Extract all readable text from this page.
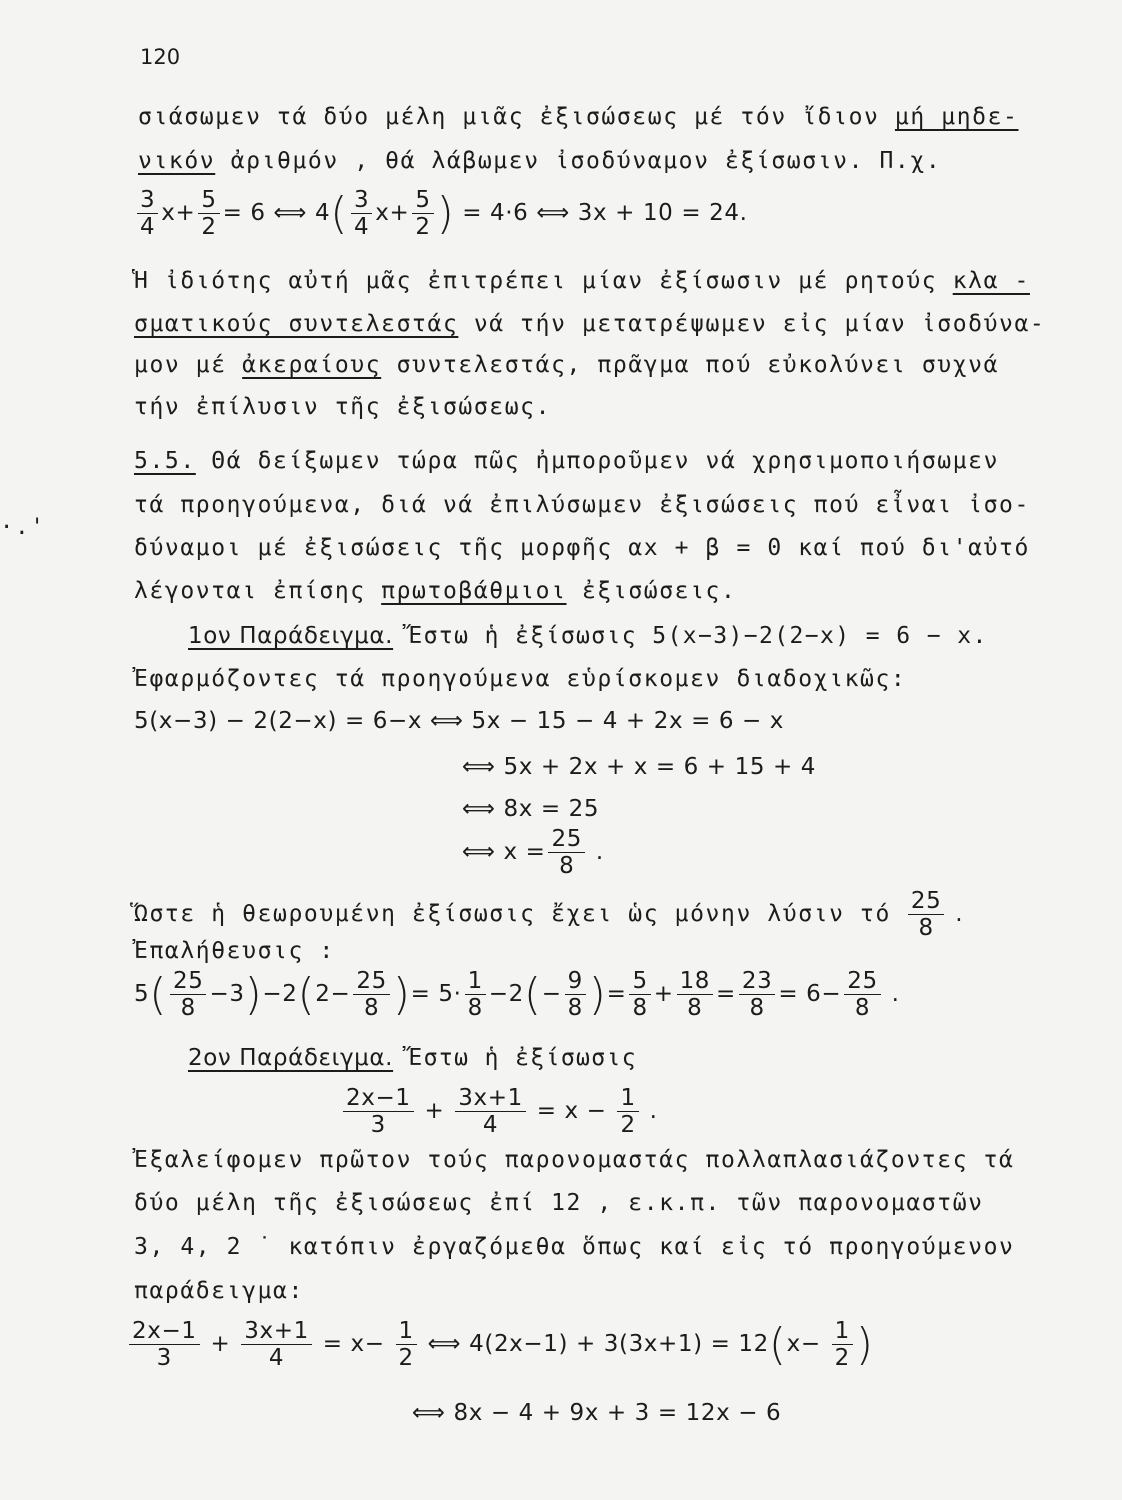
120
σιάσωμεν τά δύο μέλη μιᾶς ἐξισώσεως μέ τόν ἴδιον μή μηδε-
νικόν ἀριθμόν , θά λάβωμεν ἰσοδύναμον ἐξίσωσιν. Π.χ.
$\frac{3}{4} x+ \frac{5}{2} = 6$ ⟺ $4( \frac{3}{4} x+ \frac{5}{2}$ ) = 4·6 ⟺ 3x + 10 = 24.
Ἡ ἰδιότης αὐτή μᾶς ἐπιτρέπει μίαν ἐξίσωσιν μέ ρητούς κλα -
σματικούς συντελεστάς νά τήν μετατρέψωμεν εἰς μίαν ἰσοδύνα-
μον μέ ἀκεραίους συντελεστάς, πρᾶγμα πού εὐκολύνει συχνά
τήν ἐπίλυσιν τῆς ἐξισώσεως.
5.5. Θά δείξωμεν τώρα πῶς ἠμποροῦμεν νά χρησιμοποιήσωμεν
τά προηγούμενα, διά νά ἐπιλύσωμεν ἐξισώσεις πού εἶναι ἰσο-
δύναμοι μέ ἐξισώσεις τῆς μορφῆς αx + β = 0 καί πού δι'αὐτό
λέγονται ἐπίσης πρωτοβάθμιοι ἐξισώσεις.
·.'
1ον Παράδειγμα. Ἔστω ἡ ἐξίσωσις 5(x−3)−2(2−x) = 6 − x.
Ἐφαρμόζοντες τά προηγούμενα εὑρίσκομεν διαδοχικῶς:
5(x−3) − 2(2−x) = 6−x ⟺ 5x − 15 − 4 + 2x = 6 − x
⟺ 5x + 2x + x = 6 + 15 + 4
⟺ 8x = 25
⟺ $x = \frac{25}{8}$ .
Ὥστε ἡ θεωρουμένη ἐξίσωσις ἔχει ὡς μόνην λύσιν τό $\frac{25}{8}$ .
Ἐπαλήθευσις :
$5( \frac{25}{8} -3)-2(2- \frac{25}{8}$ )= $5\cdot \frac{1}{8} -2(- \frac{9}{8}$ )= $\frac{5}{8} + \frac{18}{8} = \frac{23}{8} = 6- \frac{25}{8}$ .
2ον Παράδειγμα. Ἔστω ἡ ἐξίσωσις
$\frac{2x-1}{3} + \frac{3x+1}{4} = x - \frac{1}{2}$ .
Ἐξαλείφομεν πρῶτον τούς παρονομαστάς πολλαπλασιάζοντες τά
δύο μέλη τῆς ἐξισώσεως ἐπί 12 , ε.κ.π. τῶν παρονομαστῶν
3, 4, 2 ˙ κατόπιν ἐργαζόμεθα ὅπως καί εἰς τό προηγούμενον
παράδειγμα:
$\frac{2x-1}{3} + \frac{3x+1}{4} = x- \frac{1}{2}$ ⟺ $4(2x-1) + 3(3x+1) = 12(x- \frac{1}{2}$ )
⟺ 8x − 4 + 9x + 3 = 12x − 6
